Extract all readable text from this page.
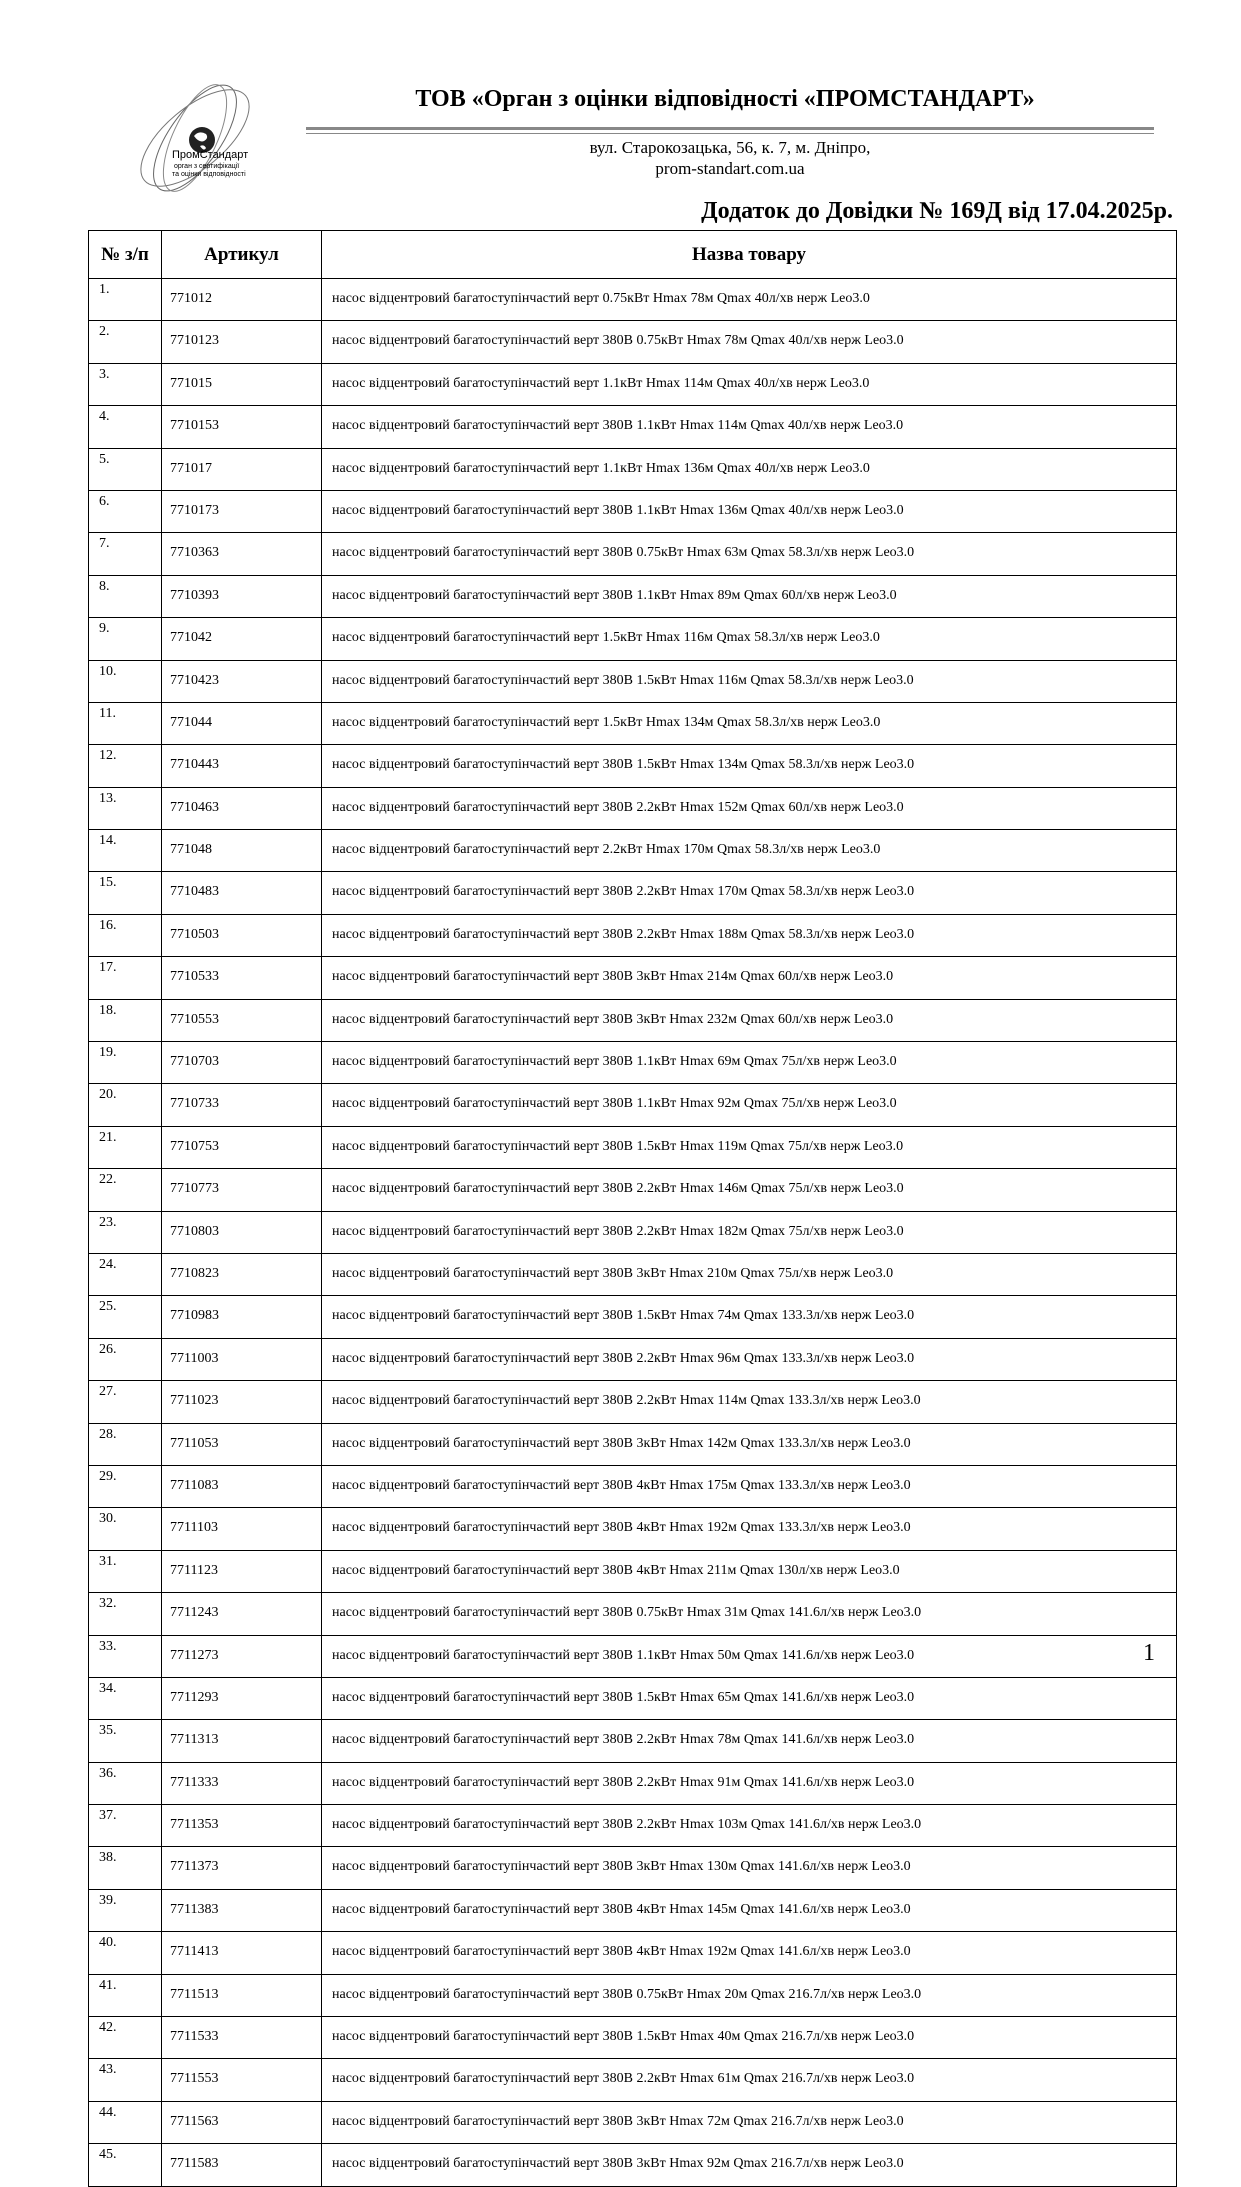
ПромСтандарт
орган з сертифікації
та оцінки відповідності
ТОВ «Орган з оцінки відповідності «ПРОМСТАНДАРТ»
вул. Старокозацька, 56, к. 7, м. Дніпро,
prom-standart.com.ua
Додаток до Довідки № 169Д від 17.04.2025р.
№ з/п	Артикул	Назва товару
1.	771012	насос відцентровий багатоступінчастий верт 0.75кВт Hmax 78м Qmax 40л/хв нерж Leo3.0
2.	7710123	насос відцентровий багатоступінчастий верт 380В 0.75кВт Hmax 78м Qmax 40л/хв нерж Leo3.0
3.	771015	насос відцентровий багатоступінчастий верт 1.1кВт Hmax 114м Qmax 40л/хв нерж Leo3.0
4.	7710153	насос відцентровий багатоступінчастий верт 380В 1.1кВт Hmax 114м Qmax 40л/хв нерж Leo3.0
5.	771017	насос відцентровий багатоступінчастий верт 1.1кВт Hmax 136м Qmax 40л/хв нерж Leo3.0
6.	7710173	насос відцентровий багатоступінчастий верт 380В 1.1кВт Hmax 136м Qmax 40л/хв нерж Leo3.0
7.	7710363	насос відцентровий багатоступінчастий верт 380В 0.75кВт Hmax 63м Qmax 58.3л/хв нерж Leo3.0
8.	7710393	насос відцентровий багатоступінчастий верт 380В 1.1кВт Hmax 89м Qmax 60л/хв нерж Leo3.0
9.	771042	насос відцентровий багатоступінчастий верт 1.5кВт Hmax 116м Qmax 58.3л/хв нерж Leo3.0
10.	7710423	насос відцентровий багатоступінчастий верт 380В 1.5кВт Hmax 116м Qmax 58.3л/хв нерж Leo3.0
11.	771044	насос відцентровий багатоступінчастий верт 1.5кВт Hmax 134м Qmax 58.3л/хв нерж Leo3.0
12.	7710443	насос відцентровий багатоступінчастий верт 380В 1.5кВт Hmax 134м Qmax 58.3л/хв нерж Leo3.0
13.	7710463	насос відцентровий багатоступінчастий верт 380В 2.2кВт Hmax 152м Qmax 60л/хв нерж Leo3.0
14.	771048	насос відцентровий багатоступінчастий верт 2.2кВт Hmax 170м Qmax 58.3л/хв нерж Leo3.0
15.	7710483	насос відцентровий багатоступінчастий верт 380В 2.2кВт Hmax 170м Qmax 58.3л/хв нерж Leo3.0
16.	7710503	насос відцентровий багатоступінчастий верт 380В 2.2кВт Hmax 188м Qmax 58.3л/хв нерж Leo3.0
17.	7710533	насос відцентровий багатоступінчастий верт 380В 3кВт Hmax 214м Qmax 60л/хв нерж Leo3.0
18.	7710553	насос відцентровий багатоступінчастий верт 380В 3кВт Hmax 232м Qmax 60л/хв нерж Leo3.0
19.	7710703	насос відцентровий багатоступінчастий верт 380В 1.1кВт Hmax 69м Qmax 75л/хв нерж Leo3.0
20.	7710733	насос відцентровий багатоступінчастий верт 380В 1.1кВт Hmax 92м Qmax 75л/хв нерж Leo3.0
21.	7710753	насос відцентровий багатоступінчастий верт 380В 1.5кВт Hmax 119м Qmax 75л/хв нерж Leo3.0
22.	7710773	насос відцентровий багатоступінчастий верт 380В 2.2кВт Hmax 146м Qmax 75л/хв нерж Leo3.0
23.	7710803	насос відцентровий багатоступінчастий верт 380В 2.2кВт Hmax 182м Qmax 75л/хв нерж Leo3.0
24.	7710823	насос відцентровий багатоступінчастий верт 380В 3кВт Hmax 210м Qmax 75л/хв нерж Leo3.0
25.	7710983	насос відцентровий багатоступінчастий верт 380В 1.5кВт Hmax 74м Qmax 133.3л/хв нерж Leo3.0
26.	7711003	насос відцентровий багатоступінчастий верт 380В 2.2кВт Hmax 96м Qmax 133.3л/хв нерж Leo3.0
27.	7711023	насос відцентровий багатоступінчастий верт 380В 2.2кВт Hmax 114м Qmax 133.3л/хв нерж Leo3.0
28.	7711053	насос відцентровий багатоступінчастий верт 380В 3кВт Hmax 142м Qmax 133.3л/хв нерж Leo3.0
29.	7711083	насос відцентровий багатоступінчастий верт 380В 4кВт Hmax 175м Qmax 133.3л/хв нерж Leo3.0
30.	7711103	насос відцентровий багатоступінчастий верт 380В 4кВт Hmax 192м Qmax 133.3л/хв нерж Leo3.0
31.	7711123	насос відцентровий багатоступінчастий верт 380В 4кВт Hmax 211м Qmax 130л/хв нерж Leo3.0
32.	7711243	насос відцентровий багатоступінчастий верт 380В 0.75кВт Hmax 31м Qmax 141.6л/хв нерж Leo3.0
33.	7711273	насос відцентровий багатоступінчастий верт 380В 1.1кВт Hmax 50м Qmax 141.6л/хв нерж Leo3.0
34.	7711293	насос відцентровий багатоступінчастий верт 380В 1.5кВт Hmax 65м Qmax 141.6л/хв нерж Leo3.0
35.	7711313	насос відцентровий багатоступінчастий верт 380В 2.2кВт Hmax 78м Qmax 141.6л/хв нерж Leo3.0
36.	7711333	насос відцентровий багатоступінчастий верт 380В 2.2кВт Hmax 91м Qmax 141.6л/хв нерж Leo3.0
37.	7711353	насос відцентровий багатоступінчастий верт 380В 2.2кВт Hmax 103м Qmax 141.6л/хв нерж Leo3.0
38.	7711373	насос відцентровий багатоступінчастий верт 380В 3кВт Hmax 130м Qmax 141.6л/хв нерж Leo3.0
39.	7711383	насос відцентровий багатоступінчастий верт 380В 4кВт Hmax 145м Qmax 141.6л/хв нерж Leo3.0
40.	7711413	насос відцентровий багатоступінчастий верт 380В 4кВт Hmax 192м Qmax 141.6л/хв нерж Leo3.0
41.	7711513	насос відцентровий багатоступінчастий верт 380В 0.75кВт Hmax 20м Qmax 216.7л/хв нерж Leo3.0
42.	7711533	насос відцентровий багатоступінчастий верт 380В 1.5кВт Hmax 40м Qmax 216.7л/хв нерж Leo3.0
43.	7711553	насос відцентровий багатоступінчастий верт 380В 2.2кВт Hmax 61м Qmax 216.7л/хв нерж Leo3.0
44.	7711563	насос відцентровий багатоступінчастий верт 380В 3кВт Hmax 72м Qmax 216.7л/хв нерж Leo3.0
45.	7711583	насос відцентровий багатоступінчастий верт 380В 3кВт Hmax 92м Qmax 216.7л/хв нерж Leo3.0
1
